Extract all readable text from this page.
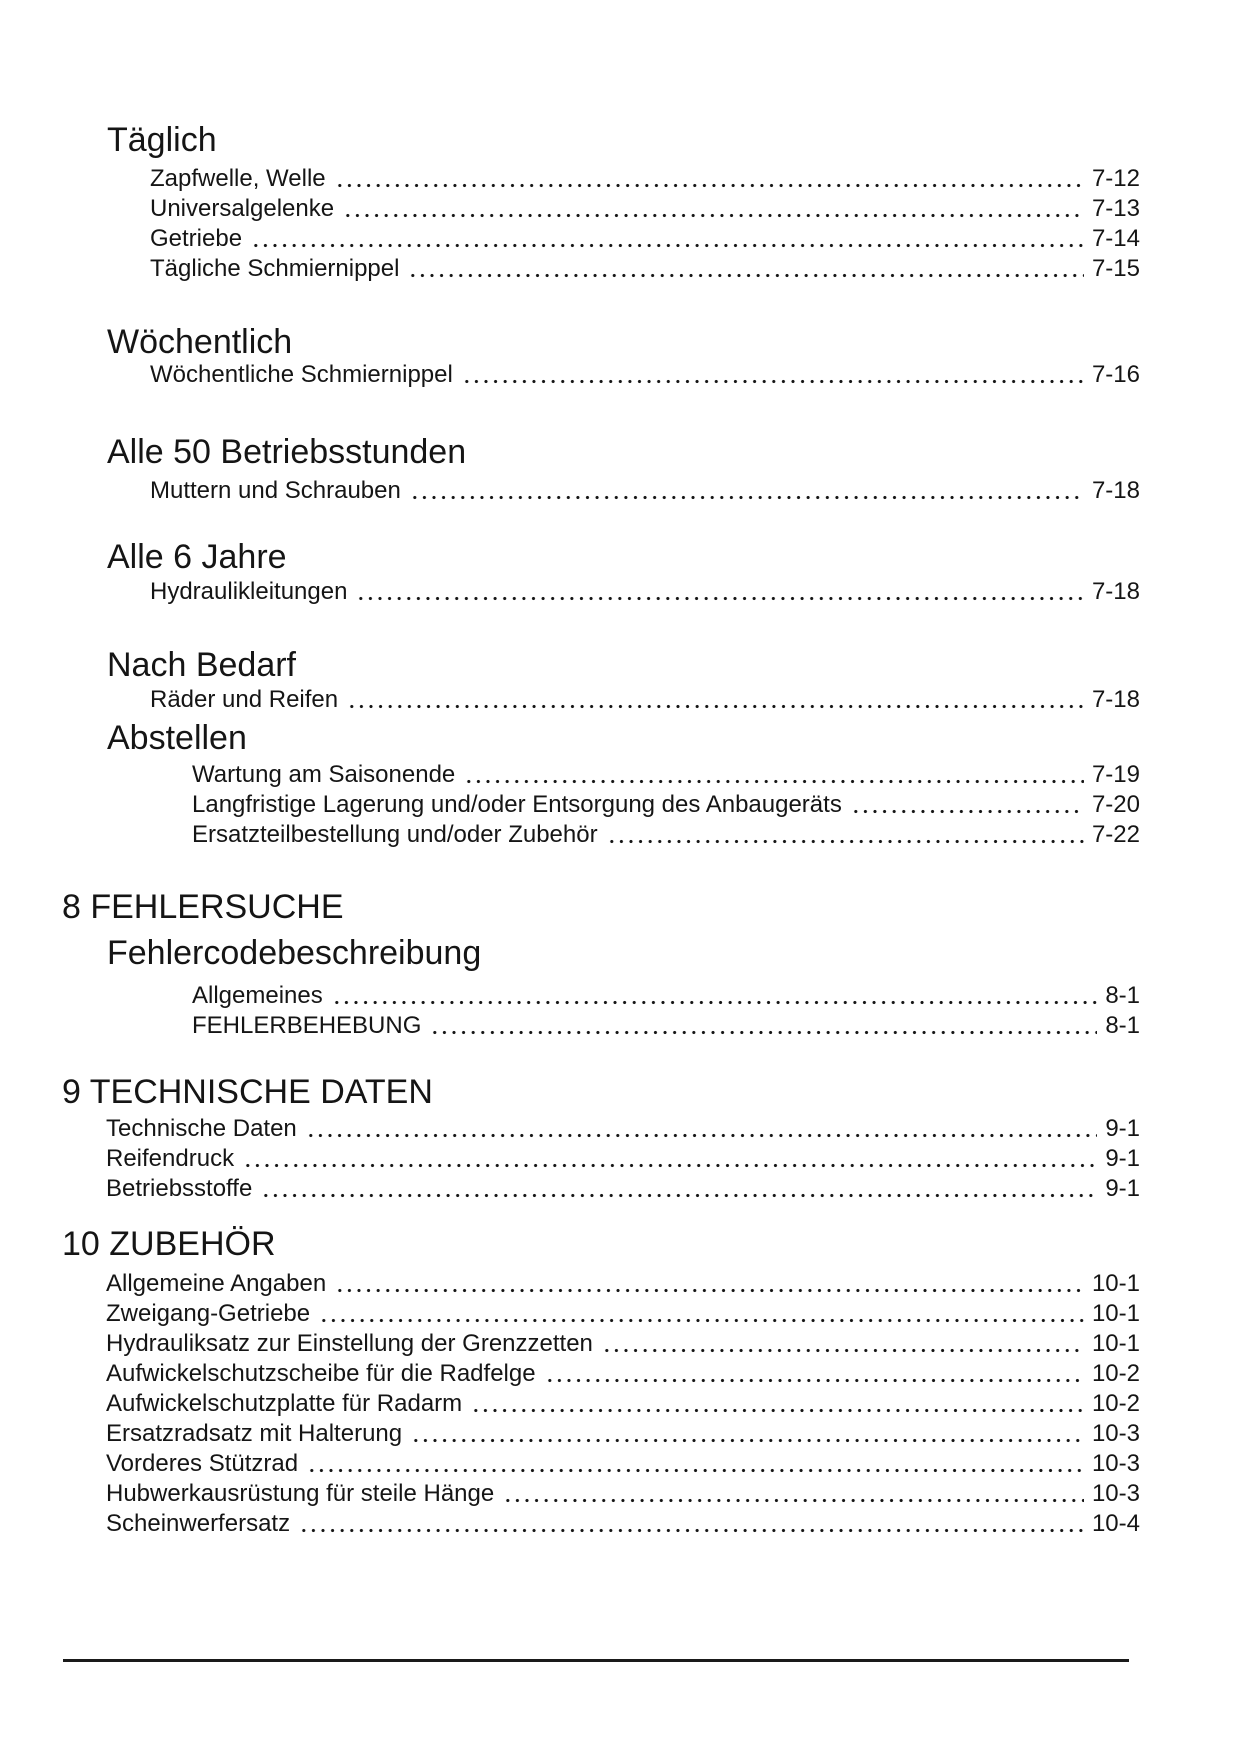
Täglich
Zapfwelle, Welle	7-12
Universalgelenke	7-13
Getriebe	7-14
Tägliche Schmiernippel	7-15
Wöchentlich
Wöchentliche Schmiernippel	7-16
Alle 50 Betriebsstunden
Muttern und Schrauben	7-18
Alle 6 Jahre
Hydraulikleitungen	7-18
Nach Bedarf
Räder und Reifen	7-18
Abstellen
Wartung am Saisonende	7-19
Langfristige Lagerung und/oder Entsorgung des Anbaugeräts	7-20
Ersatzteilbestellung und/oder Zubehör	7-22
8 FEHLERSUCHE
Fehlercodebeschreibung
Allgemeines	8-1
FEHLERBEHEBUNG	8-1
9 TECHNISCHE DATEN
Technische Daten	9-1
Reifendruck	9-1
Betriebsstoffe	9-1
10 ZUBEHÖR
Allgemeine Angaben	10-1
Zweigang-Getriebe	10-1
Hydrauliksatz zur Einstellung der Grenzzetten	10-1
Aufwickelschutzscheibe für die Radfelge	10-2
Aufwickelschutzplatte für Radarm	10-2
Ersatzradsatz mit Halterung	10-3
Vorderes Stützrad	10-3
Hubwerkausrüstung für steile Hänge	10-3
Scheinwerfersatz	10-4
